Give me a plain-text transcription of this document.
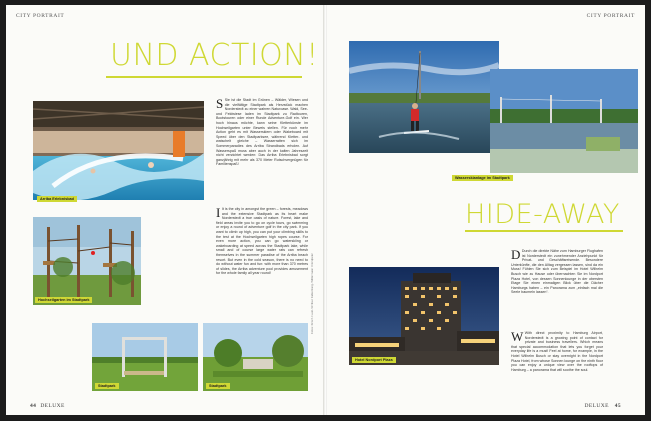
CITY PORTRAIT
UND ACTION!
Arriba Erlebnisbad
S Sie ist die Stadt im Grünen – Wälder, Wiesen und die vielfältige Stadtpark als Herzstück machen Norderstedt zu einer wahren Naturoase. Wald, See- und Feldwiese laden im Stadtpark zu Radtouren, Bootstouren oder einer Runde Adventure-Golf ein. Wer hoch hinaus möchte, kann seine Kletterkünste im Hochseilgarten unter Beweis stellen. Für noch mehr Action geht es mit Wasserskiern oder Wakeboard mit Speed über den Stadtparksee, während Kletter- und watschelt gleiche – Wasserratten sich im Sommerparadies des Arriba Strandbads erholen. Auf Wasserspaß muss aber auch in der kalten Jahreszeit nicht verzichtet werden: Das Arriba Erlebnisbad sorgt ganzjährig mit mehr als 370 Meter Rutschvergnügen für Familienspaß!
I It is the city in amongst the green – forests, meadows and the extensive Stadtpark as its heart make Norderstedt a true oasis of nature. Forest, lake and field areas invite you to go on cycle tours, go swimming or enjoy a round of adventure golf in the city park. If you want to climb up high, you can put your climbing skills to the test at the Hochseilgarten high ropes course. For even more action, you can go waterskiing or wakeboarding at speed across the Stadtpark lake, while small and of course large water rats can refresh themselves in the summer paradise of the Arriba beach resort. But even in the cold season, there is no need to do without water fun and fun: with more than 370 metres of slides, the Arriba adventure pool provides amusement for the whole family all year round!
Hochseilgarten im Stadtpark
Stadtpark	Stadtpark
Fotos: Kirsch / Lutz / Arriba / Falkenberg / Mittermaier / Nordpeter
44 DELUXE
CITY PORTRAIT
Wasserskianlage im Stadtpark
HIDE-AWAY
Hotel Nordport Plaza
D Durch die direkte Nähe zum Hamburger Flughafen ist Norderstedt ein zunehmender Anziehpunkt für Privat- und Geschäftsreisende. Besondere Unterkünfte, die den Alltag vergessen lassen, sind da ein Muss! Fühlen Sie sich zum Beispiel im Hotel Wilhelm Busch wie zu Hause oder übernachten Sie im Nordport Plaza Hotel, von dessen Sonnenlounge in der obersten Etage Sie einen einmaligen Blick über die Dächer Hamburgs haben – ein Panorama zum „einfach mal die Seele baumeln lassen“.
W With direct proximity to Hamburg Airport, Norderstedt is a growing point of contact for private and business travellers. Which means that special accommodation that lets you forget your everyday life is a must! Feel at home, for example, in the Hotel Wilhelm Busch or stay overnight in the Nordport Plaza Hotel, from whose Sonnen lounge on the ninth floor you can enjoy a unique view over the rooftops of Hamburg – a panorama that will soothe the soul.
DELUXE 45
